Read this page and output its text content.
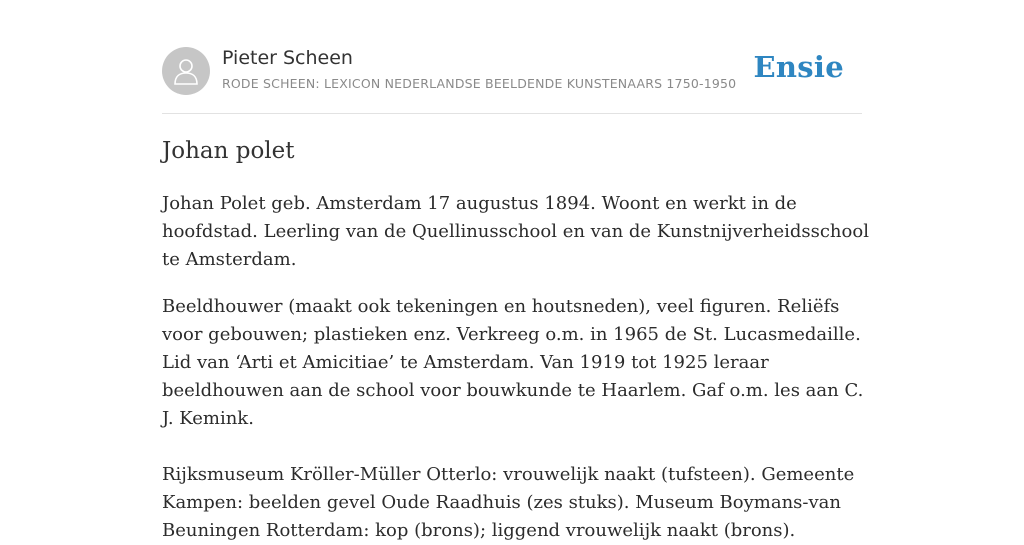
Pieter Scheen
RODE SCHEEN: LEXICON NEDERLANDSE BEELDENDE KUNSTENAARS 1750-1950 Ensie
Johan polet

Johan Polet geb. Amsterdam 17 augustus 1894. Woont en werkt in de hoofdstad. Leerling van de Quellinusschool en van de Kunstnijverheidsschool te Amsterdam.

Beeldhouwer (maakt ook tekeningen en houtsneden), veel figuren. Reliëfs voor gebouwen; plastieken enz. Verkreeg o.m. in 1965 de St. Lucasmedaille. Lid van ‘Arti et Amicitiae’ te Amsterdam. Van 1919 tot 1925 leraar beeldhouwen aan de school voor bouwkunde te Haarlem. Gaf o.m. les aan C. J. Kemink.

Rijksmuseum Kröller-Müller Otterlo: vrouwelijk naakt (tufsteen). Gemeente Kampen: beelden gevel Oude Raadhuis (zes stuks). Museum Boymans-van Beuningen Rotterdam: kop (brons); liggend vrouwelijk naakt (brons).
